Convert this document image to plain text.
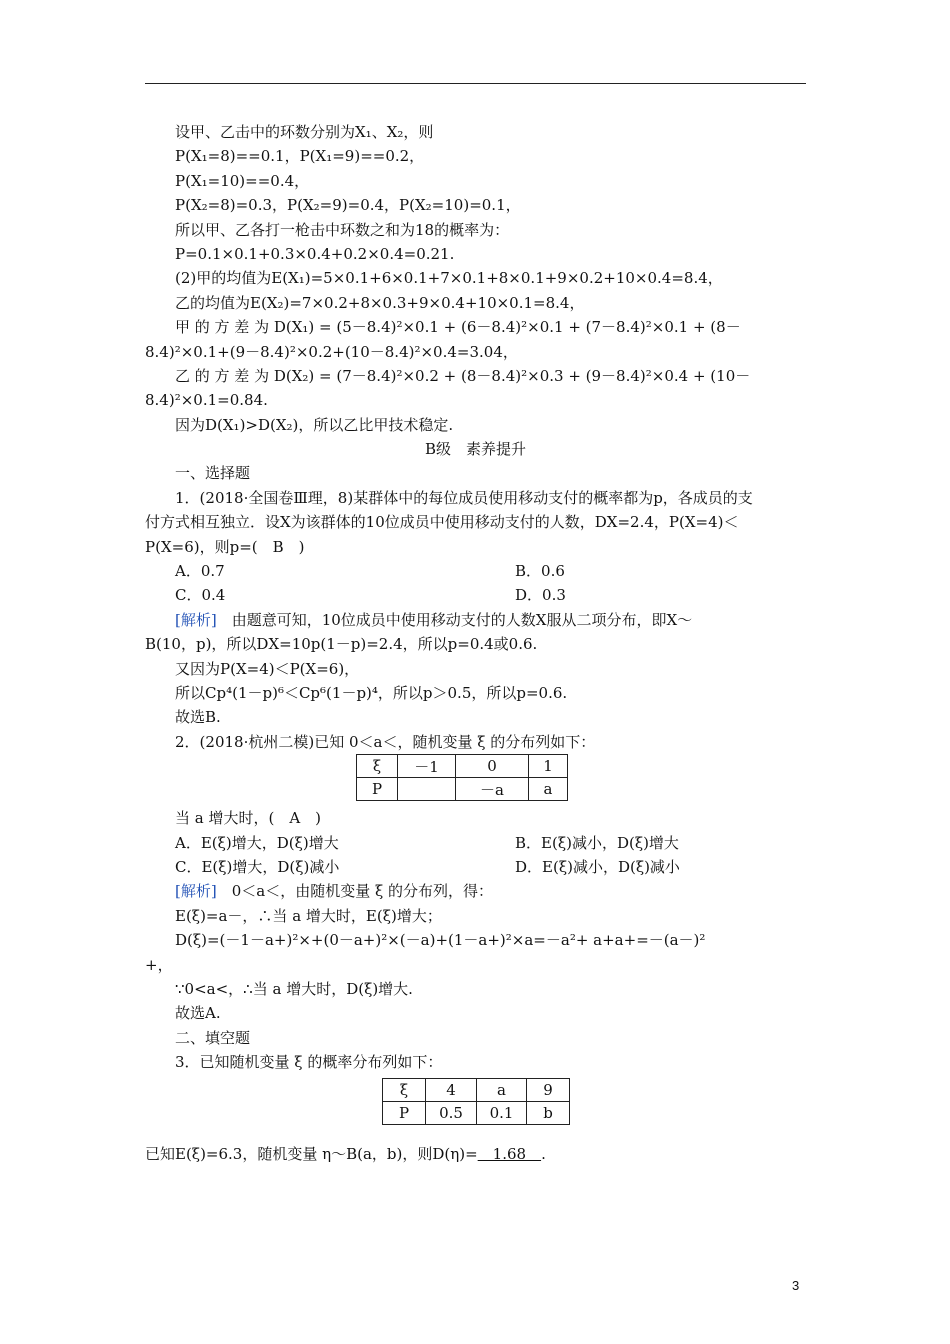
设甲、乙击中的环数分别为X₁、X₂，则
P(X₁=8)==0.1，P(X₁=9)==0.2，
P(X₁=10)==0.4，
P(X₂=8)=0.3，P(X₂=9)=0.4，P(X₂=10)=0.1，
所以甲、乙各打一枪击中环数之和为18的概率为：
P=0.1×0.1+0.3×0.4+0.2×0.4=0.21.
(2)甲的均值为E(X₁)=5×0.1+6×0.1+7×0.1+8×0.1+9×0.2+10×0.4=8.4，
乙的均值为E(X₂)=7×0.2+8×0.3+9×0.4+10×0.1=8.4，
甲 的 方 差 为 D(X₁) = (5－8.4)²×0.1 + (6－8.4)²×0.1 + (7－8.4)²×0.1 + (8－
8.4)²×0.1+(9－8.4)²×0.2+(10－8.4)²×0.4=3.04，
乙 的 方 差 为 D(X₂) = (7－8.4)²×0.2 + (8－8.4)²×0.3 + (9－8.4)²×0.4 + (10－
8.4)²×0.1=0.84.
因为D(X₁)>D(X₂)，所以乙比甲技术稳定.
B级　素养提升
一、选择题
1．(2018·全国卷Ⅲ理，8)某群体中的每位成员使用移动支付的概率都为p，各成员的支
付方式相互独立．设X为该群体的10位成员中使用移动支付的人数，DX=2.4，P(X=4)＜
P(X=6)，则p=(　B　)
A．0.7	B．0.6
C．0.4	D．0.3
[解析]　由题意可知，10位成员中使用移动支付的人数X服从二项分布，即X～
B(10，p)，所以DX=10p(1－p)=2.4，所以p=0.4或0.6.
又因为P(X=4)＜P(X=6)，
所以Cp⁴(1－p)⁶＜Cp⁶(1－p)⁴，所以p＞0.5，所以p=0.6.
故选B.
2．(2018·杭州二模)已知 0＜a＜，随机变量 ξ 的分布列如下：
ξ	－1	0	1
P		－a	a
当 a 增大时，(　A　)
A．E(ξ)增大，D(ξ)增大	B．E(ξ)减小，D(ξ)增大
C．E(ξ)增大，D(ξ)减小	D．E(ξ)减小，D(ξ)减小
[解析]　0＜a＜，由随机变量 ξ 的分布列，得：
E(ξ)=a－，∴当 a 增大时，E(ξ)增大；
D(ξ)=(－1－a+)²×+(0－a+)²×(－a)+(1－a+)²×a=－a²+ a+a+=－(a－)²
+，
∵0<a<，∴当 a 增大时，D(ξ)增大.
故选A.
二、填空题
3．已知随机变量 ξ 的概率分布列如下：
ξ	4	a	9
P	0.5	0.1	b
已知E(ξ)=6.3，随机变量 η～B(a，b)，则D(η)=　1.68　.
3
